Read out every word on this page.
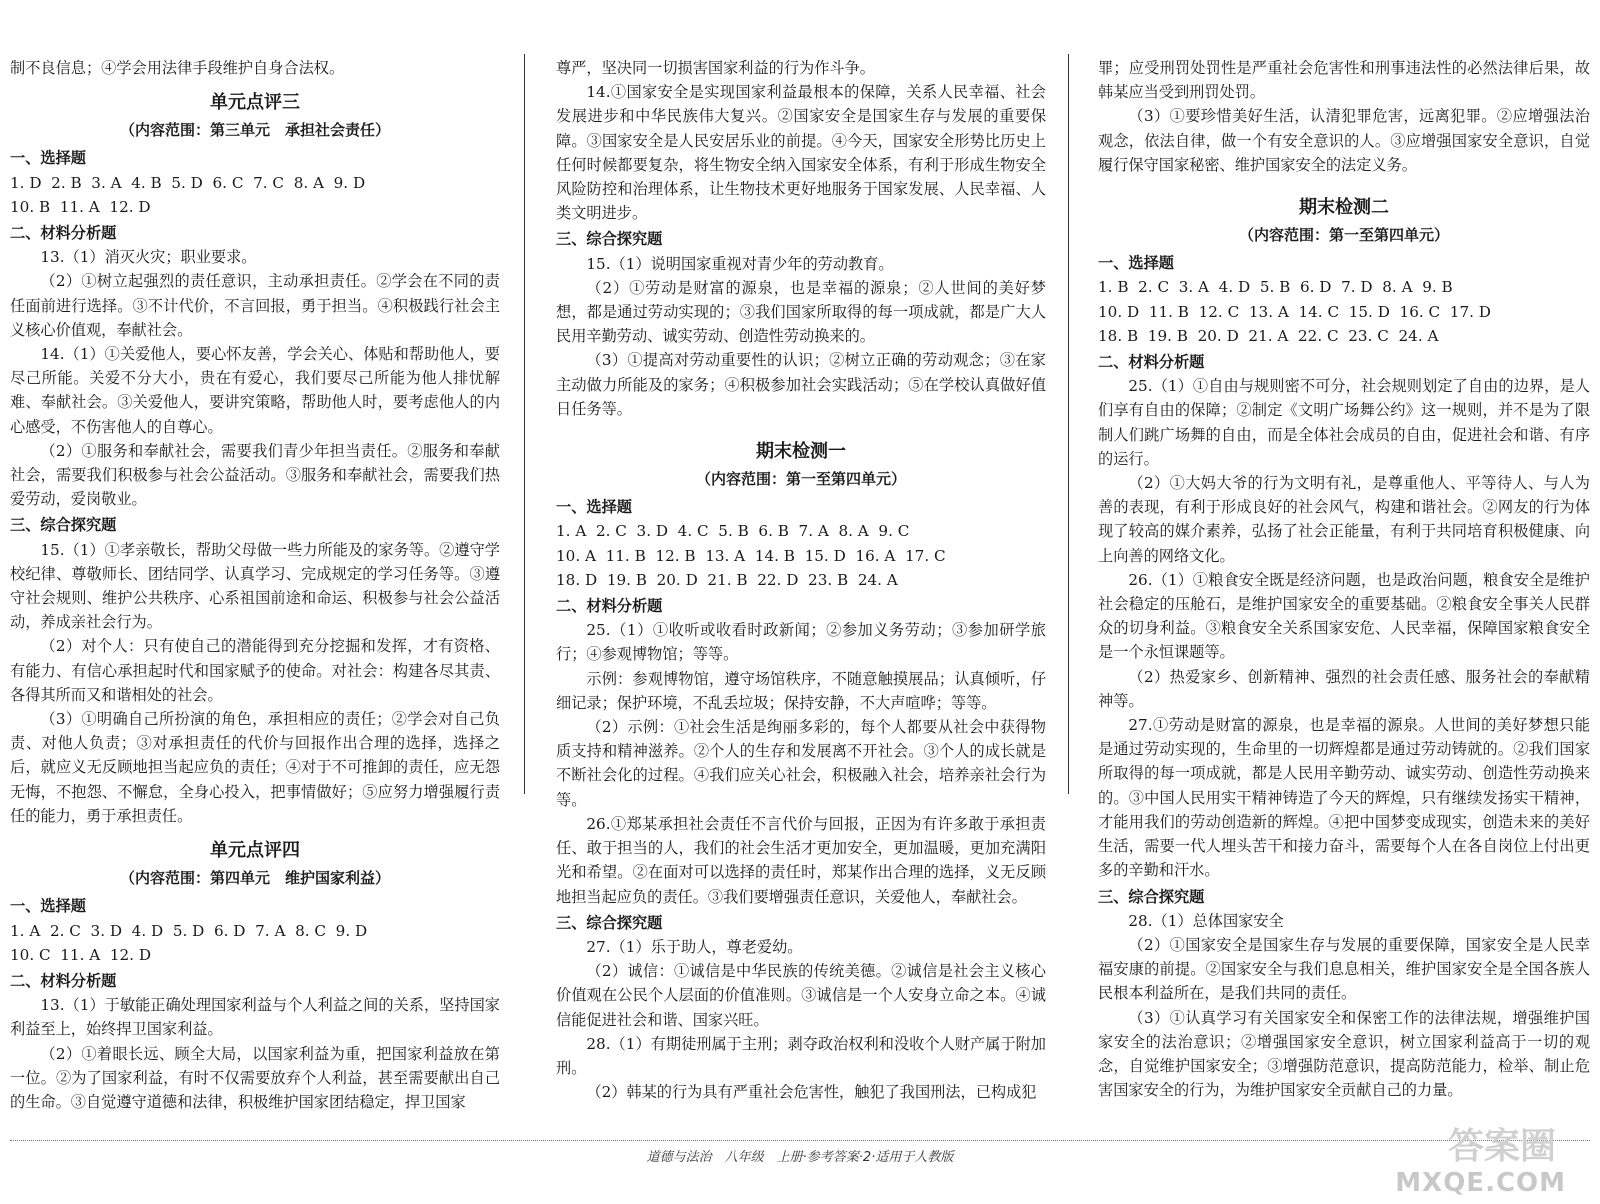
制不良信息；④学会用法律手段维护自身合法权。

单元点评三
（内容范围：第三单元　承担社会责任）

一、选择题

1. D  2. B  3. A  4. B  5. D  6. C  7. C  8. A  9. D

10. B  11. A  12. D

二、材料分析题

13.（1）消灭火灾；职业要求。

（2）①树立起强烈的责任意识，主动承担责任。②学会在不同的责任面前进行选择。③不计代价，不言回报，勇于担当。④积极践行社会主义核心价值观，奉献社会。

14.（1）①关爱他人，要心怀友善，学会关心、体贴和帮助他人，要尽己所能。关爱不分大小，贵在有爱心，我们要尽己所能为他人排忧解难、奉献社会。③关爱他人，要讲究策略，帮助他人时，要考虑他人的内心感受，不伤害他人的自尊心。

（2）①服务和奉献社会，需要我们青少年担当责任。②服务和奉献社会，需要我们积极参与社会公益活动。③服务和奉献社会，需要我们热爱劳动，爱岗敬业。

三、综合探究题

15.（1）①孝亲敬长，帮助父母做一些力所能及的家务等。②遵守学校纪律、尊敬师长、团结同学、认真学习、完成规定的学习任务等。③遵守社会规则、维护公共秩序、心系祖国前途和命运、积极参与社会公益活动，养成亲社会行为。

（2）对个人：只有使自己的潜能得到充分挖掘和发挥，才有资格、有能力、有信心承担起时代和国家赋予的使命。对社会：构建各尽其责、各得其所而又和谐相处的社会。

（3）①明确自己所扮演的角色，承担相应的责任；②学会对自己负责、对他人负责；③对承担责任的代价与回报作出合理的选择，选择之后，就应义无反顾地担当起应负的责任；④对于不可推卸的责任，应无怨无悔，不抱怨、不懈怠，全身心投入，把事情做好；⑤应努力增强履行责任的能力，勇于承担责任。

单元点评四
（内容范围：第四单元　维护国家利益）

一、选择题

1. A  2. C  3. D  4. D  5. D  6. D  7. A  8. C  9. D

10. C  11. A  12. D

二、材料分析题

13.（1）于敏能正确处理国家利益与个人利益之间的关系，坚持国家利益至上，始终捍卫国家利益。

（2）①着眼长远、顾全大局，以国家利益为重，把国家利益放在第一位。②为了国家利益，有时不仅需要放弃个人利益，甚至需要献出自己的生命。③自觉遵守道德和法律，积极维护国家团结稳定，捍卫国家

尊严，坚决同一切损害国家利益的行为作斗争。

14.①国家安全是实现国家利益最根本的保障，关系人民幸福、社会发展进步和中华民族伟大复兴。②国家安全是国家生存与发展的重要保障。③国家安全是人民安居乐业的前提。④今天，国家安全形势比历史上任何时候都要复杂，将生物安全纳入国家安全体系，有利于形成生物安全风险防控和治理体系，让生物技术更好地服务于国家发展、人民幸福、人类文明进步。

三、综合探究题

15.（1）说明国家重视对青少年的劳动教育。

（2）①劳动是财富的源泉，也是幸福的源泉；②人世间的美好梦想，都是通过劳动实现的；③我们国家所取得的每一项成就，都是广大人民用辛勤劳动、诚实劳动、创造性劳动换来的。

（3）①提高对劳动重要性的认识；②树立正确的劳动观念；③在家主动做力所能及的家务；④积极参加社会实践活动；⑤在学校认真做好值日任务等。

期末检测一
（内容范围：第一至第四单元）

一、选择题

1. A  2. C  3. D  4. C  5. B  6. B  7. A  8. A  9. C

10. A  11. B  12. B  13. A  14. B  15. D  16. A  17. C

18. D  19. B  20. D  21. B  22. D  23. B  24. A

二、材料分析题

25.（1）①收听或收看时政新闻；②参加义务劳动；③参加研学旅行；④参观博物馆；等等。

示例：参观博物馆，遵守场馆秩序，不随意触摸展品；认真倾听，仔细记录；保护环境，不乱丢垃圾；保持安静，不大声喧哗；等等。

（2）示例：①社会生活是绚丽多彩的，每个人都要从社会中获得物质支持和精神滋养。②个人的生存和发展离不开社会。③个人的成长就是不断社会化的过程。④我们应关心社会，积极融入社会，培养亲社会行为等。

26.①郑某承担社会责任不言代价与回报，正因为有许多敢于承担责任、敢于担当的人，我们的社会生活才更加安全，更加温暖，更加充满阳光和希望。②在面对可以选择的责任时，郑某作出合理的选择，义无反顾地担当起应负的责任。③我们要增强责任意识，关爱他人，奉献社会。

三、综合探究题

27.（1）乐于助人，尊老爱幼。

（2）诚信：①诚信是中华民族的传统美德。②诚信是社会主义核心价值观在公民个人层面的价值准则。③诚信是一个人安身立命之本。④诚信能促进社会和谐、国家兴旺。

28.（1）有期徒刑属于主刑；剥夺政治权利和没收个人财产属于附加刑。

（2）韩某的行为具有严重社会危害性，触犯了我国刑法，已构成犯

罪；应受刑罚处罚性是严重社会危害性和刑事违法性的必然法律后果，故韩某应当受到刑罚处罚。

（3）①要珍惜美好生活，认清犯罪危害，远离犯罪。②应增强法治观念，依法自律，做一个有安全意识的人。③应增强国家安全意识，自觉履行保守国家秘密、维护国家安全的法定义务。

期末检测二
（内容范围：第一至第四单元）

一、选择题

1. B  2. C  3. A  4. D  5. B  6. D  7. D  8. A  9. B

10. D  11. B  12. C  13. A  14. C  15. D  16. C  17. D

18. B  19. B  20. D  21. A  22. C  23. C  24. A

二、材料分析题

25.（1）①自由与规则密不可分，社会规则划定了自由的边界，是人们享有自由的保障；②制定《文明广场舞公约》这一规则，并不是为了限制人们跳广场舞的自由，而是全体社会成员的自由，促进社会和谐、有序的运行。

（2）①大妈大爷的行为文明有礼，是尊重他人、平等待人、与人为善的表现，有利于形成良好的社会风气，构建和谐社会。②网友的行为体现了较高的媒介素养，弘扬了社会正能量，有利于共同培育积极健康、向上向善的网络文化。

26.（1）①粮食安全既是经济问题，也是政治问题，粮食安全是维护社会稳定的压舱石，是维护国家安全的重要基础。②粮食安全事关人民群众的切身利益。③粮食安全关系国家安危、人民幸福，保障国家粮食安全是一个永恒课题等。

（2）热爱家乡、创新精神、强烈的社会责任感、服务社会的奉献精神等。

27.①劳动是财富的源泉，也是幸福的源泉。人世间的美好梦想只能是通过劳动实现的，生命里的一切辉煌都是通过劳动铸就的。②我们国家所取得的每一项成就，都是人民用辛勤劳动、诚实劳动、创造性劳动换来的。③中国人民用实干精神铸造了今天的辉煌，只有继续发扬实干精神，才能用我们的劳动创造新的辉煌。④把中国梦变成现实，创造未来的美好生活，需要一代人埋头苦干和接力奋斗，需要每个人在各自岗位上付出更多的辛勤和汗水。

三、综合探究题

28.（1）总体国家安全

（2）①国家安全是国家生存与发展的重要保障，国家安全是人民幸福安康的前提。②国家安全与我们息息相关，维护国家安全是全国各族人民根本利益所在，是我们共同的责任。

（3）①认真学习有关国家安全和保密工作的法律法规，增强维护国家安全的法治意识；②增强国家安全意识，树立国家利益高于一切的观念，自觉维护国家安全；③增强防范意识，提高防范能力，检举、制止危害国家安全的行为，为维护国家安全贡献自己的力量。

道德与法治　八年级　上册·参考答案·2·适用于人教版	答案圈
MXQE.COM
